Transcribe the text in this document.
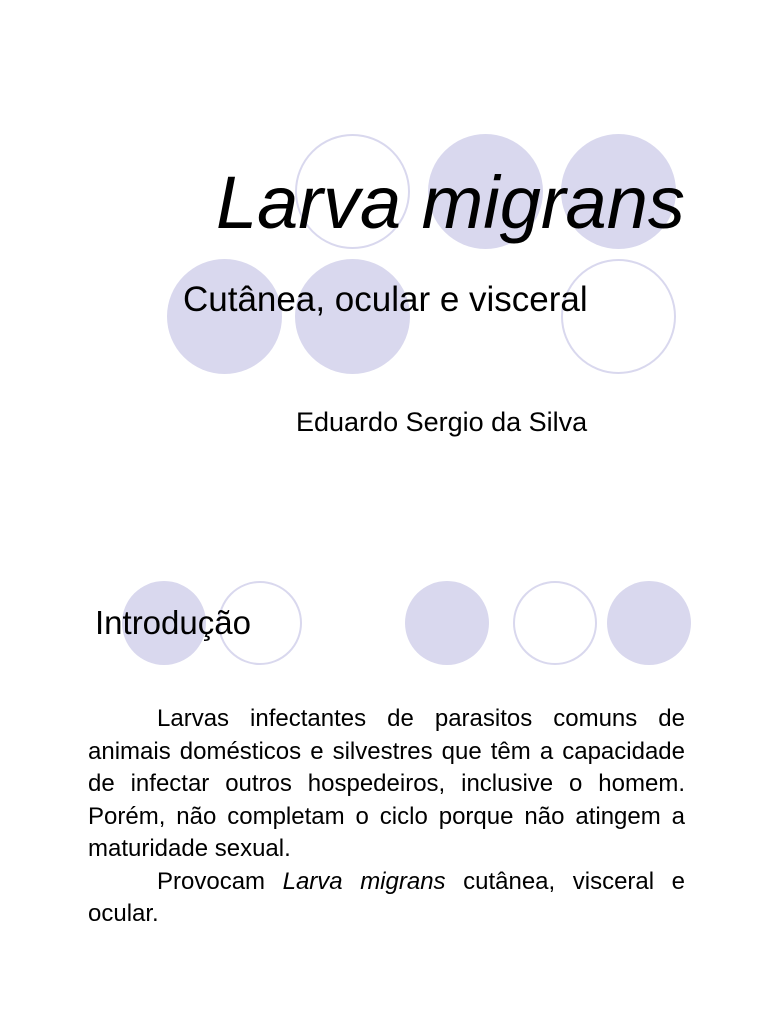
Larva migrans
Cutânea, ocular e visceral
Eduardo Sergio da Silva
Introdução

Larvas infectantes de parasitos comuns de animais domésticos e silvestres que têm a capacidade de infectar outros hospedeiros, inclusive o homem. Porém, não completam o ciclo porque não atingem a maturidade sexual.

Provocam Larva migrans cutânea, visceral e ocular.
